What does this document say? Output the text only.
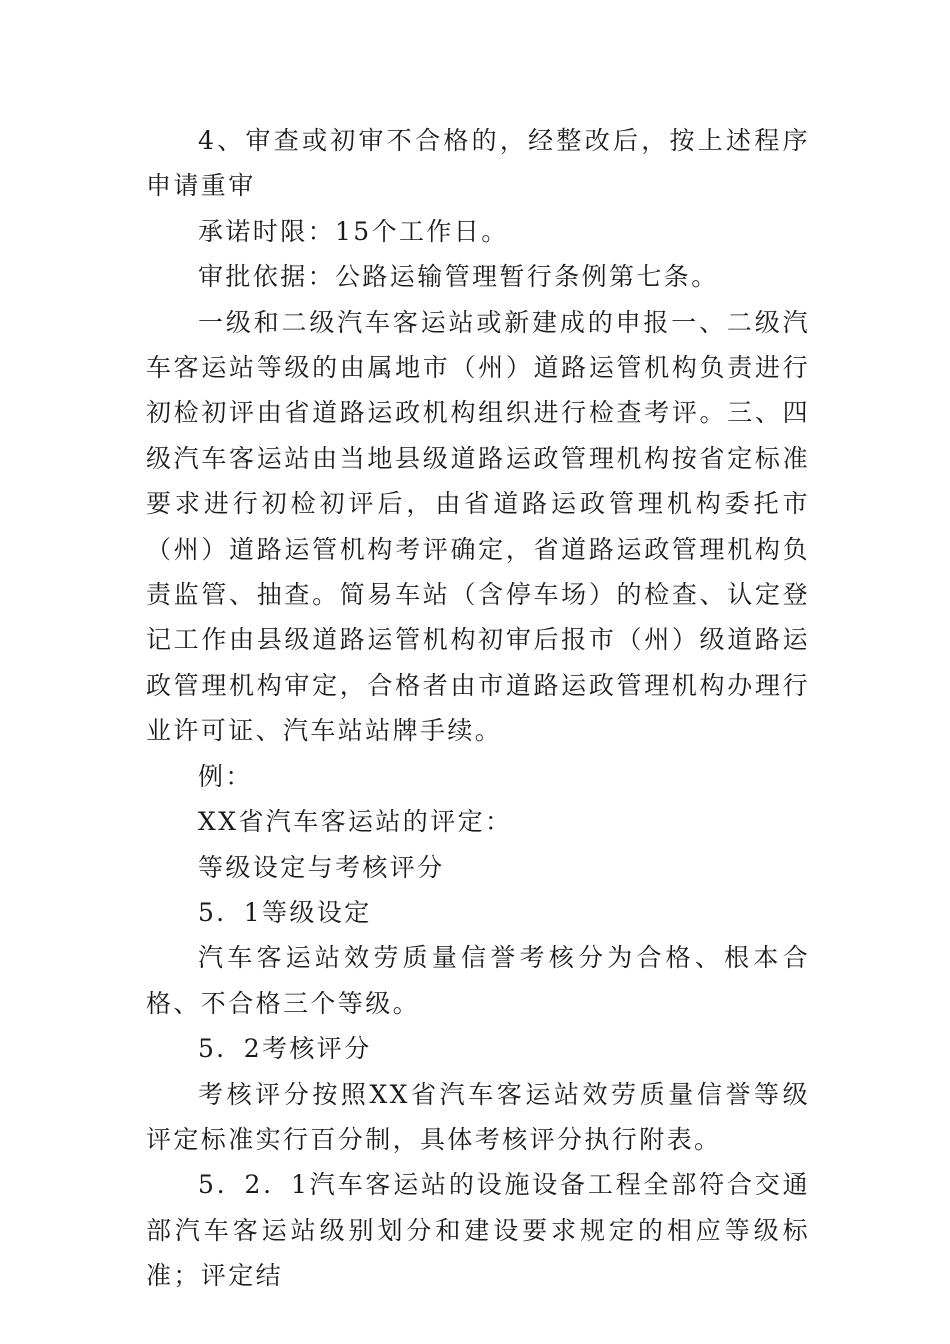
4、审查或初审不合格的，经整改后，按上述程序申请重审

承诺时限：15个工作日。

审批依据：公路运输管理暂行条例第七条。

一级和二级汽车客运站或新建成的申报一、二级汽车客运站等级的由属地市（州）道路运管机构负责进行初检初评由省道路运政机构组织进行检查考评。三、四级汽车客运站由当地县级道路运政管理机构按省定标准要求进行初检初评后，由省道路运政管理机构委托市（州）道路运管机构考评确定，省道路运政管理机构负责监管、抽查。简易车站（含停车场）的检查、认定登记工作由县级道路运管机构初审后报市（州）级道路运政管理机构审定，合格者由市道路运政管理机构办理行业许可证、汽车站站牌手续。

例：

XX省汽车客运站的评定：

等级设定与考核评分

5．1等级设定

汽车客运站效劳质量信誉考核分为合格、根本合格、不合格三个等级。

5．2考核评分

考核评分按照XX省汽车客运站效劳质量信誉等级评定标准实行百分制，具体考核评分执行附表。

5．2．1汽车客运站的设施设备工程全部符合交通部汽车客运站级别划分和建设要求规定的相应等级标准；评定结
